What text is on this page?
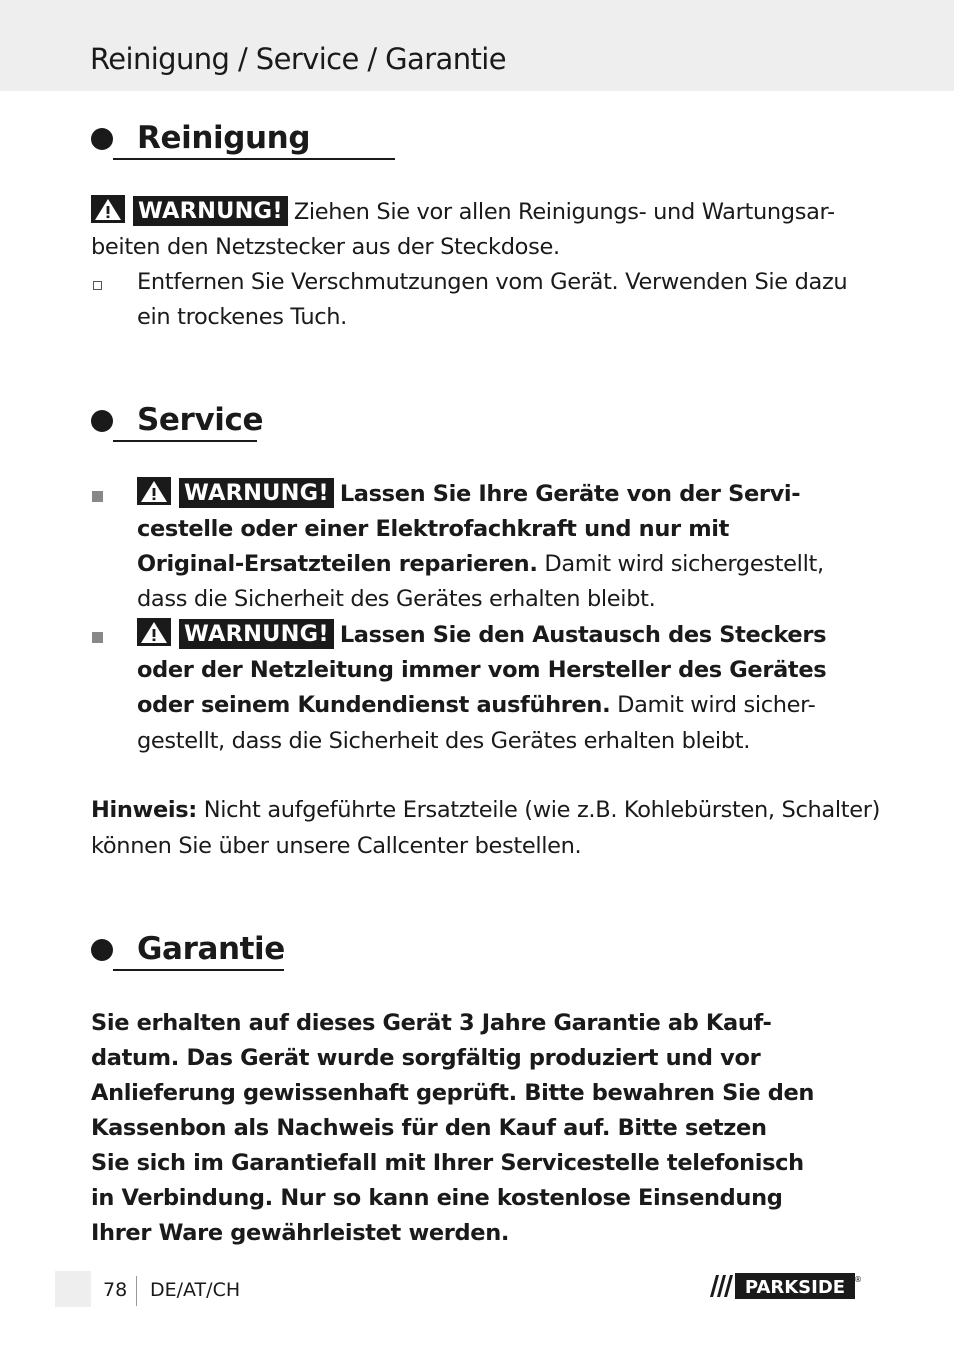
Reinigung / Service / Garantie
Reinigung
WARNUNG! Ziehen Sie vor allen Reinigungs- und Wartungsar-
beiten den Netzstecker aus der Steckdose.
Entfernen Sie Verschmutzungen vom Gerät. Verwenden Sie dazu
ein trockenes Tuch.
Service
WARNUNG! Lassen Sie Ihre Geräte von der Servi-
cestelle oder einer Elektrofachkraft und nur mit
Original-Ersatzteilen reparieren. Damit wird sichergestellt,
dass die Sicherheit des Gerätes erhalten bleibt.
WARNUNG! Lassen Sie den Austausch des Steckers
oder der Netzleitung immer vom Hersteller des Gerätes
oder seinem Kundendienst ausführen. Damit wird sicher-
gestellt, dass die Sicherheit des Gerätes erhalten bleibt.
Hinweis: Nicht aufgeführte Ersatzteile (wie z.B. Kohlebürsten, Schalter)
können Sie über unsere Callcenter bestellen.
Garantie
Sie erhalten auf dieses Gerät 3 Jahre Garantie ab Kauf-
datum. Das Gerät wurde sorgfältig produziert und vor
Anlieferung gewissenhaft geprüft. Bitte bewahren Sie den
Kassenbon als Nachweis für den Kauf auf. Bitte setzen
Sie sich im Garantiefall mit Ihrer Servicestelle telefonisch
in Verbindung. Nur so kann eine kostenlose Einsendung
Ihrer Ware gewährleistet werden.
78 DE/AT/CH	PARKSIDE ®
